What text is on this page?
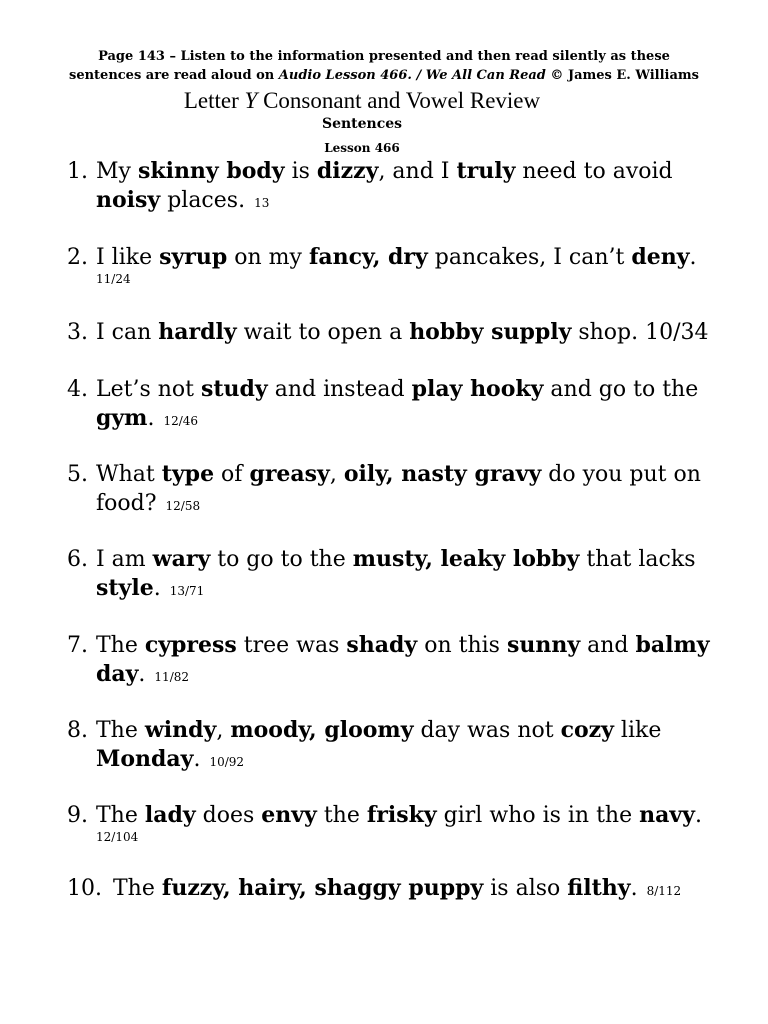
Page 143 – Listen to the information presented and then read silently as these
sentences are read aloud on Audio Lesson 466. / We All Can Read © James E. Williams
Letter Y Consonant and Vowel Review
Sentences
Lesson 466
1. My skinny body is dizzy, and I truly need to avoid
noisy places. 13
2. I like syrup on my fancy, dry pancakes, I can’t deny.
11/24
3. I can hardly wait to open a hobby supply shop. 10/34
4. Let’s not study and instead play hooky and go to the
gym. 12/46
5. What type of greasy, oily, nasty gravy do you put on
food? 12/58
6. I am wary to go to the musty, leaky lobby that lacks
style. 13/71
7. The cypress tree was shady on this sunny and balmy
day. 11/82
8. The windy, moody, gloomy day was not cozy like
Monday. 10/92
9. The lady does envy the frisky girl who is in the navy.
12/104
10. The fuzzy, hairy, shaggy puppy is also filthy. 8/112
